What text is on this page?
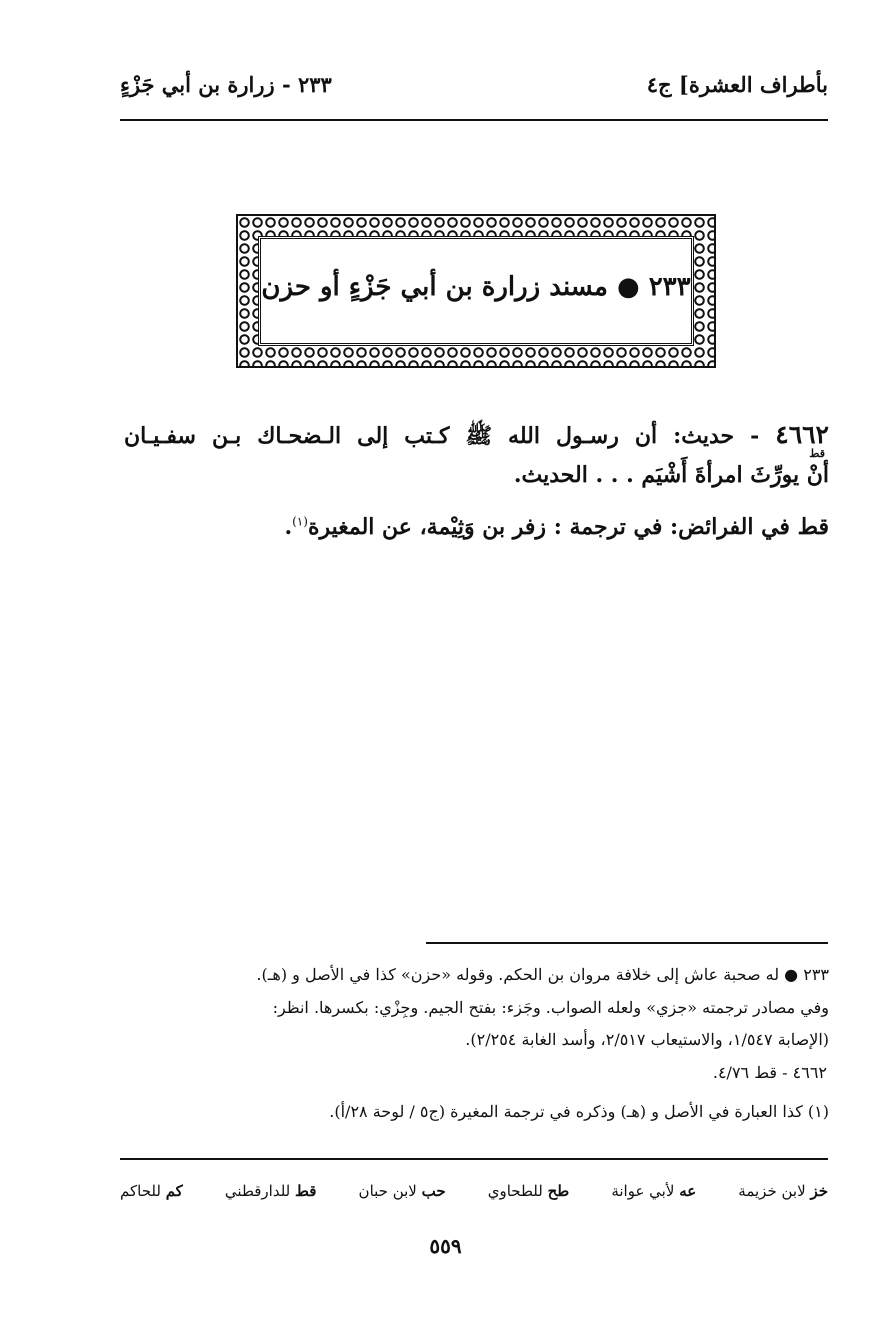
بأطراف العشرة] ج٤
٢٣٣ - زرارة بن أبي جَزْءٍ
٢٣٣ ● مسند زرارة بن أبي جَزْءٍ أو حزن
٤٦٦٢ - حديث: أن رسـول الله ﷺ كـتب إلى الـضحـاك بـن سفـيـان
قط
أنْ يورِّثَ امرأةَ أَشْيَم . . . الحديث.
قط في الفرائض: في ترجمة : زفر بن وَثِيْمة، عن المغيرة$^{(١)}$.
٢٣٣ ● له صحبة عاش إلى خلافة مروان بن الحكم. وقوله «حزن» كذا في الأصل و (هـ).
وفي مصادر ترجمته «جزي» ولعله الصواب. وجَزء: بفتح الجيم. وجِزْي: بكسرها. انظر:
(الإصابة ١/٥٤٧، والاستيعاب ٢/٥١٧، وأسد الغابة ٢/٢٥٤).
٤٦٦٢ - قط ٤/٧٦.
(١) كذا العبارة في الأصل و (هـ) وذكره في ترجمة المغيرة (ج٥ / لوحة ٢٨/أ).
خز لابن خزيمة
عه لأبي عوانة
طح للطحاوي
حب لابن حبان
قط للدارقطني
كم للحاكم
٥٥٩
